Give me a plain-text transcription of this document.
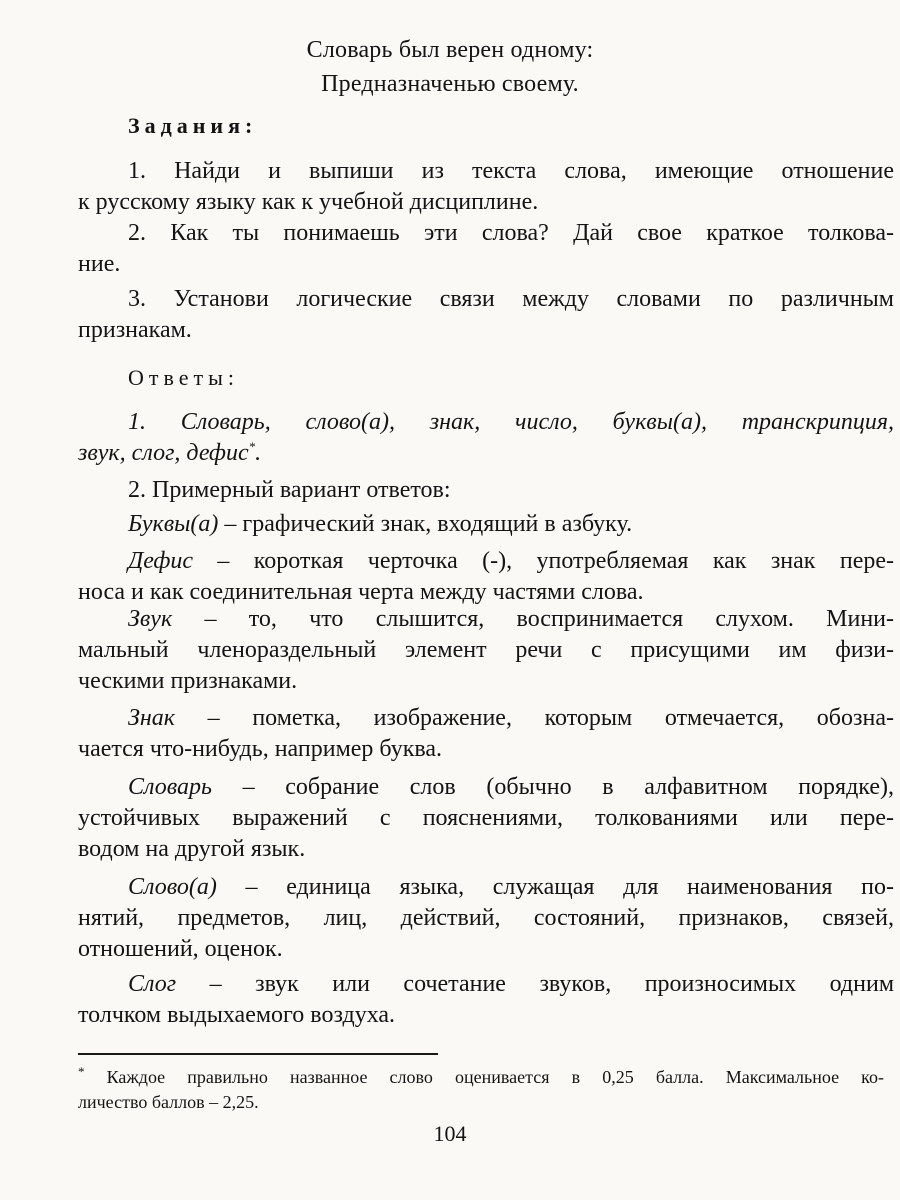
Словарь был верен одному:
Предназначенью своему.
Задания:
1. Найди и выпиши из текста слова, имеющие отношение
к русскому языку как к учебной дисциплине.
2. Как ты понимаешь эти слова? Дай свое краткое толкова-
ние.
3. Установи логические связи между словами по различным
признакам.
Ответы:
1. Словарь, слово(а), знак, число, буквы(а), транскрипция,
звук, слог, дефис*.
2. Примерный вариант ответов:
Буквы(а) – графический знак, входящий в азбуку.
Дефис – короткая черточка (-), употребляемая как знак пере-
носа и как соединительная черта между частями слова.
Звук – то, что слышится, воспринимается слухом. Мини-
мальный членораздельный элемент речи с присущими им физи-
ческими признаками.
Знак – пометка, изображение, которым отмечается, обозна-
чается что-нибудь, например буква.
Словарь – собрание слов (обычно в алфавитном порядке),
устойчивых выражений с пояснениями, толкованиями или пере-
водом на другой язык.
Слово(а) – единица языка, служащая для наименования по-
нятий, предметов, лиц, действий, состояний, признаков, связей,
отношений, оценок.
Слог – звук или сочетание звуков, произносимых одним
толчком выдыхаемого воздуха.
* Каждое правильно названное слово оценивается в 0,25 балла. Максимальное ко-
личество баллов – 2,25.
104
